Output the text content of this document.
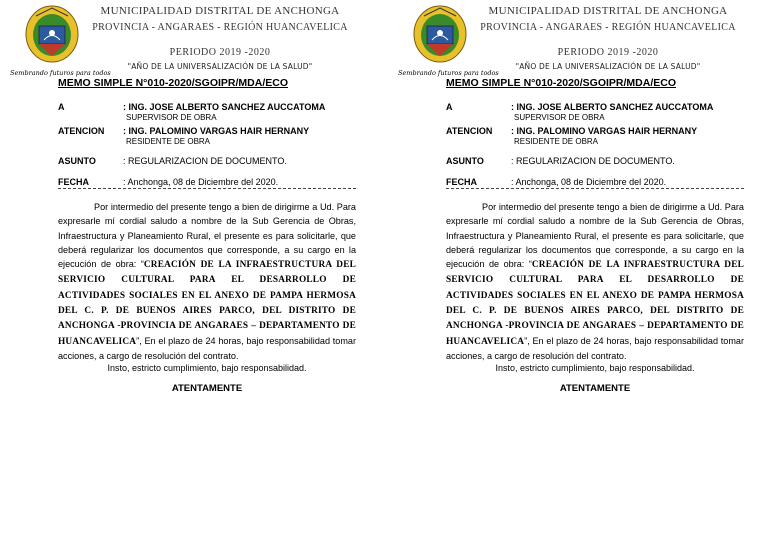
Sembrando futuros para todos
MUNICIPALIDAD DISTRITAL DE ANCHONGA
PROVINCIA - ANGARAES - REGIÓN HUANCAVELICA
PERIODO 2019 -2020
"AÑO DE LA UNIVERSALIZACIÓN DE LA SALUD"
MEMO SIMPLE N°010-2020/SGOIPR/MDA/ECO
A	: ING. JOSE ALBERTO SANCHEZ AUCCATOMA
SUPERVISOR DE OBRA
ATENCION : ING. PALOMINO VARGAS HAIR HERNANY
RESIDENTE DE OBRA
ASUNTO	: REGULARIZACION DE DOCUMENTO.
FECHA	: Anchonga, 08 de Diciembre del 2020.
Por intermedio del presente tengo a bien de dirigirme a Ud. Para expresarle mí cordial saludo a nombre de la Sub Gerencia de Obras, Infraestructura y Planeamiento Rural, el presente es para solicitarle, que deberá regularizar los documentos que corresponde, a su cargo en la ejecución de obra: “CREACIÓN DE LA INFRAESTRUCTURA DEL SERVICIO CULTURAL PARA EL DESARROLLO DE ACTIVIDADES SOCIALES EN EL ANEXO DE PAMPA HERMOSA DEL C. P. DE BUENOS AIRES PARCO, DEL DISTRITO DE ANCHONGA -PROVINCIA DE ANGARAES – DEPARTAMENTO DE HUANCAVELICA”, En el plazo de 24 horas, bajo responsabilidad tomar acciones, a cargo de resolución del contrato.
Insto, estricto cumplimiento, bajo responsabilidad.
ATENTAMENTE
Sembrando futuros para todos
MUNICIPALIDAD DISTRITAL DE ANCHONGA
PROVINCIA - ANGARAES - REGIÓN HUANCAVELICA
PERIODO 2019 -2020
"AÑO DE LA UNIVERSALIZACIÓN DE LA SALUD"
MEMO SIMPLE N°010-2020/SGOIPR/MDA/ECO
A	: ING. JOSE ALBERTO SANCHEZ AUCCATOMA
SUPERVISOR DE OBRA
ATENCION : ING. PALOMINO VARGAS HAIR HERNANY
RESIDENTE DE OBRA
ASUNTO	: REGULARIZACION DE DOCUMENTO.
FECHA	: Anchonga, 08 de Diciembre del 2020.
Por intermedio del presente tengo a bien de dirigirme a Ud. Para expresarle mí cordial saludo a nombre de la Sub Gerencia de Obras, Infraestructura y Planeamiento Rural, el presente es para solicitarle, que deberá regularizar los documentos que corresponde, a su cargo en la ejecución de obra: “CREACIÓN DE LA INFRAESTRUCTURA DEL SERVICIO CULTURAL PARA EL DESARROLLO DE ACTIVIDADES SOCIALES EN EL ANEXO DE PAMPA HERMOSA DEL C. P. DE BUENOS AIRES PARCO, DEL DISTRITO DE ANCHONGA -PROVINCIA DE ANGARAES – DEPARTAMENTO DE HUANCAVELICA”, En el plazo de 24 horas, bajo responsabilidad tomar acciones, a cargo de resolución del contrato.
Insto, estricto cumplimiento, bajo responsabilidad.
ATENTAMENTE
